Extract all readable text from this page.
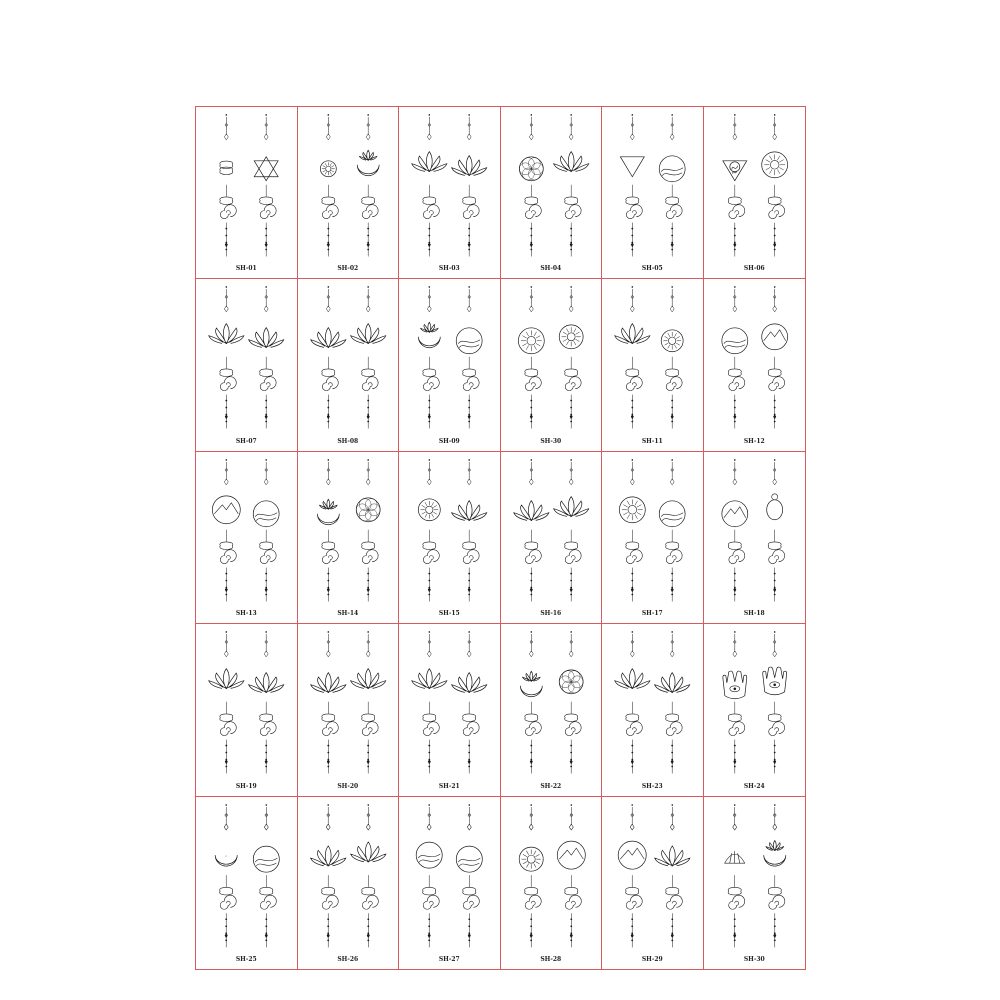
SH-01	SH-02	SH-03	SH-04	SH-05	SH-06
SH-07	SH-08	SH-09	SH-30	SH-11	SH-12
SH-13	SH-14	SH-15	SH-16	SH-17	SH-18
SH-19	SH-20	SH-21	SH-22	SH-23	SH-24
SH-25	SH-26	SH-27	SH-28	SH-29	SH-30
